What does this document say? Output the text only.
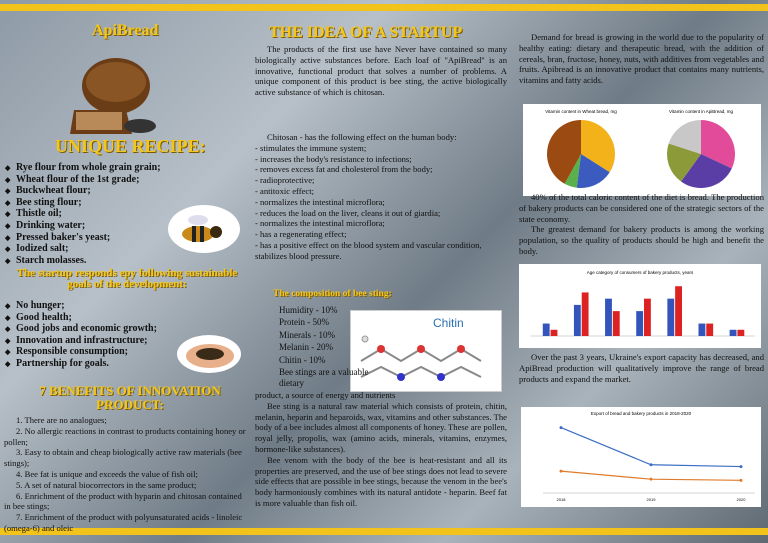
ApiBread
UNIQUE RECIPE:
◆ Rye flour from whole grain grain;
◆ Wheat flour of the 1st grade;
◆ Buckwheat flour;
◆ Bee sting flour;
◆ Thistle oil;
◆ Drinking water;
◆ Pressed baker's yeast;
◆ Iodized salt;
◆ Starch molasses.
The startup responds еру following sustainable goals of the development:
◆ No hunger;
◆ Good health;
◆ Good jobs and economic growth;
◆ Innovation and infrastructure;
◆ Responsible consumption;
◆ Partnership for goals.
7 BENEFITS OF INNOVATION PRODUCT:

1. There are no analogues;

2. No allergic reactions in contrast to products containing honey or pollen;

3. Easy to obtain and cheap biologically active raw materials (bee stings);

4. Bee fat is unique and exceeds the value of fish oil;

5. A set of natural biocorrectors in the same product;

6. Enrichment of the product with hyparin and chitosan contained in bee stings;

7. Enrichment of the product with polyunsaturated acids - linoleic (omega-6) and oleic

THE IDEA OF A STARTUP

The products of the first use have Never have contained so many biologically active substances before. Each loaf of "ApiBread" is an innovative, functional product that solves a number of problems. A unique component of this product is bee sting, the active biologically active substance of which is chitosan.

Chitosan - has the following effect on the human body:

- stimulates the immune system;

- increases the body's resistance to infections;

- removes excess fat and cholesterol from the body;

- radioprotective;

- antitoxic effect;

- normalizes the intestinal microflora;

- reduces the load on the liver, cleans it out of giardia;

- normalizes the intestinal microflora;

- has a regenerating effect;

- has a positive effect on the blood system and vascular condition, stabilizes blood pressure.

The composition of bee sting:
Humidity - 10%
Protein - 50%
Minerals - 10%
Melanin - 20%
Chitin - 10%
Chitin
Bee stings are a valuable dietary

product, a source of energy and nutrients

Bee sting is a natural raw material which consists of protein, chitin, melanin, heparin and heparoids, wax, vitamins and other substances. The body of a bee includes almost all components of honey. These are pollen, royal jelly, propolis, wax (amino acids, minerals, vitamins, enzymes, hormone-like substances).

Bee venom with the body of the bee is heat-resistant and all its properties are preserved, and the use of bee stings does not lead to severe side effects that are possible in bee stings, because the venom in the bee's body harmoniously combines with its natural antidote - heparin. Beef fat is more valuable than fish oil.

Demand for bread is growing in the world due to the popularity of healthy eating: dietary and therapeutic bread, with the addition of cereals, bran, fructose, honey, nuts, with additives from vegetables and fruits. Apibread is an innovative product that contains many nutrients, vitamins and fatty acids.

Vitamin content in Wheat bread, mg	Vitamin content in ApiBread, mg

40% of the total caloric content of the diet is bread. The production of bakery products can be considered one of the strategic sectors of the state economy.

The greatest demand for bakery products is among the working population, so the quality of products should be high and benefit the body.

Age category of consumers of bakery products, years

Over the past 3 years, Ukraine's export capacity has decreased, and ApiBread production will qualitatively improve the range of bread products and expand the market.

Export of bread and bakery products in 2018-2020
2018	2019	2020
